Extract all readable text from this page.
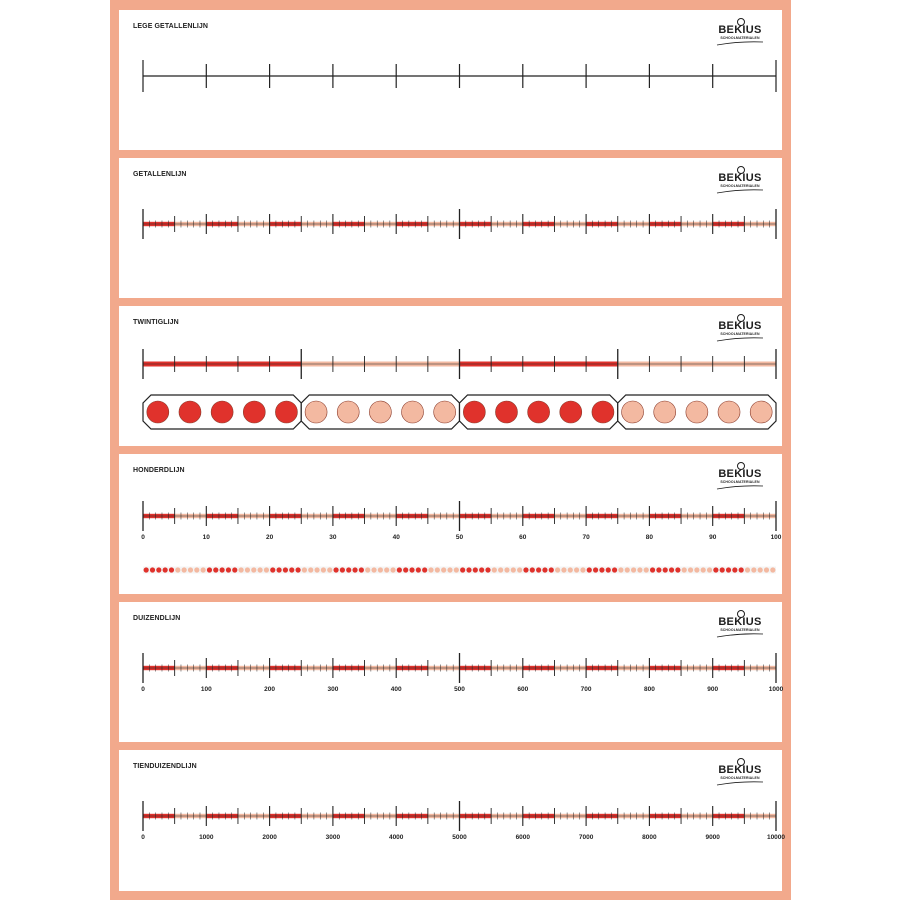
LEGE GETALLENLIJN	BEKIUS
SCHOOLMATERIALEN
GETALLENLIJN	BEKIUS
SCHOOLMATERIALEN
TWINTIGLIJN	BEKIUS
SCHOOLMATERIALEN
HONDERDLIJN	BEKIUS
SCHOOLMATERIALEN
0	10	20	30	40	50	60	70	80	90	100
DUIZENDLIJN	BEKIUS
SCHOOLMATERIALEN
0	100	200	300	400	500	600	700	800	900	1000
TIENDUIZENDLIJN	BEKIUS
SCHOOLMATERIALEN
0	1000	2000	3000	4000	5000	6000	7000	8000	9000	10000
